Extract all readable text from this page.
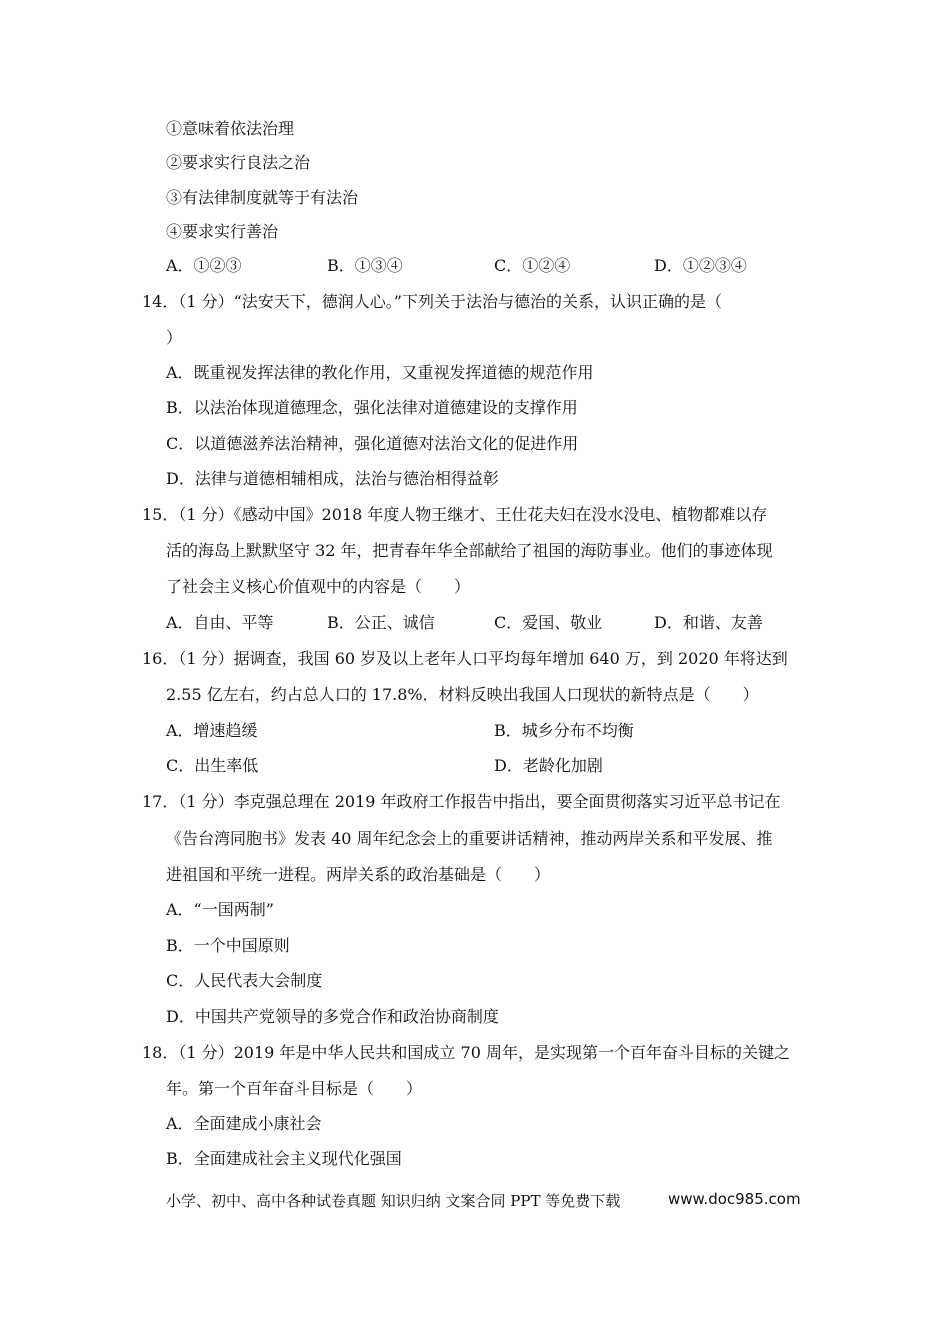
①意味着依法治理
②要求实行良法之治
③有法律制度就等于有法治
④要求实行善治
A．①②③	B．①③④	C．①②④	D．①②③④
14．（1 分）“法安天下，德润人心。”下列关于法治与德治的关系，认识正确的是（
）
A．既重视发挥法律的教化作用，又重视发挥道德的规范作用
B．以法治体现道德理念，强化法律对道德建设的支撑作用
C．以道德滋养法治精神，强化道德对法治文化的促进作用
D．法律与道德相辅相成，法治与德治相得益彰
15．（1 分）《感动中国》2018 年度人物王继才、王仕花夫妇在没水没电、植物都难以存
活的海岛上默默坚守 32 年，把青春年华全部献给了祖国的海防事业。他们的事迹体现
了社会主义核心价值观中的内容是（　　）
A．自由、平等	B．公正、诚信	C．爱国、敬业	D．和谐、友善
16．（1 分）据调查，我国 60 岁及以上老年人口平均每年增加 640 万，到 2020 年将达到
2.55 亿左右，约占总人口的 17.8%．材料反映出我国人口现状的新特点是（　　）
A．增速趋缓	B．城乡分布不均衡
C．出生率低	D．老龄化加剧
17．（1 分）李克强总理在 2019 年政府工作报告中指出，要全面贯彻落实习近平总书记在
《告台湾同胞书》发表 40 周年纪念会上的重要讲话精神，推动两岸关系和平发展、推
进祖国和平统一进程。两岸关系的政治基础是（　　）
A．“一国两制”
B．一个中国原则
C．人民代表大会制度
D．中国共产党领导的多党合作和政治协商制度
18．（1 分）2019 年是中华人民共和国成立 70 周年，是实现第一个百年奋斗目标的关键之
年。第一个百年奋斗目标是（　　）
A．全面建成小康社会
B．全面建成社会主义现代化强国
小学、初中、高中各种试卷真题 知识归纳 文案合同 PPT 等免费下载	www.doc985.com
